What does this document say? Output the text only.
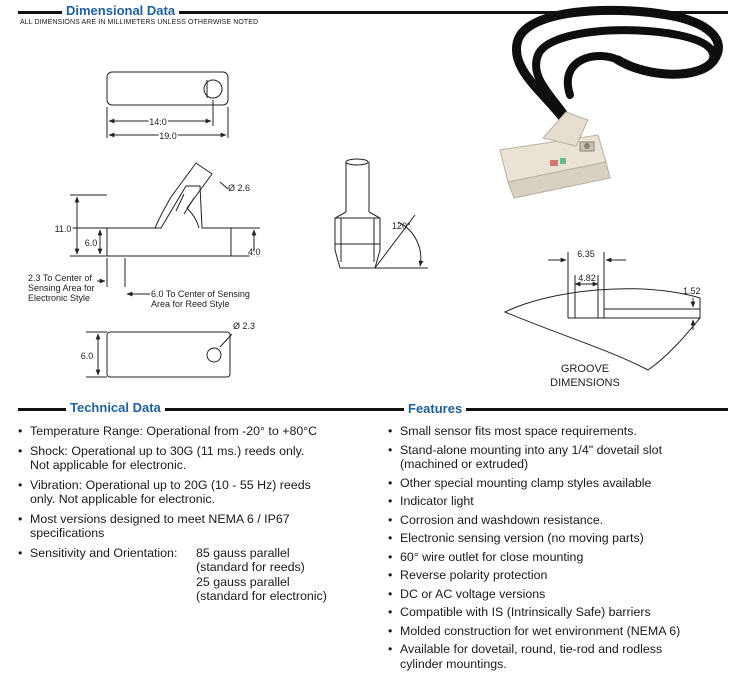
Dimensional Data
ALL DIMENSIONS ARE IN MILLIMETERS UNLESS OTHERWISE NOTED
14.0
19.0
Ø 2.6
11.0
6.0
4.0
2.3 To Center of
Sensing Area for
Electronic Style	6.0 To Center of Sensing
Area for Reed Style
Ø 2.3
6.0
120°
6.35
4.82
1.52
GROOVE
DIMENSIONS
Technical Data
• Temperature Range: Operational from -20° to +80°C
• Shock: Operational up to 30G (11 ms.) reeds only.
Not applicable for electronic.
• Vibration: Operational up to 20G (10 - 55 Hz) reeds
only. Not applicable for electronic.
• Most versions designed to meet NEMA 6 / IP67
specifications
• Sensitivity and Orientation:	85 gauss parallel
(standard for reeds)
25 gauss parallel
(standard for electronic)
Features
• Small sensor fits most space requirements.
• Stand-alone mounting into any 1/4" dovetail slot
(machined or extruded)
• Other special mounting clamp styles available
• Indicator light
• Corrosion and washdown resistance.
• Electronic sensing version (no moving parts)
• 60° wire outlet for close mounting
• Reverse polarity protection
• DC or AC voltage versions
• Compatible with IS (Intrinsically Safe) barriers
• Molded construction for wet environment (NEMA 6)
• Available for dovetail, round, tie-rod and rodless
cylinder mountings.
